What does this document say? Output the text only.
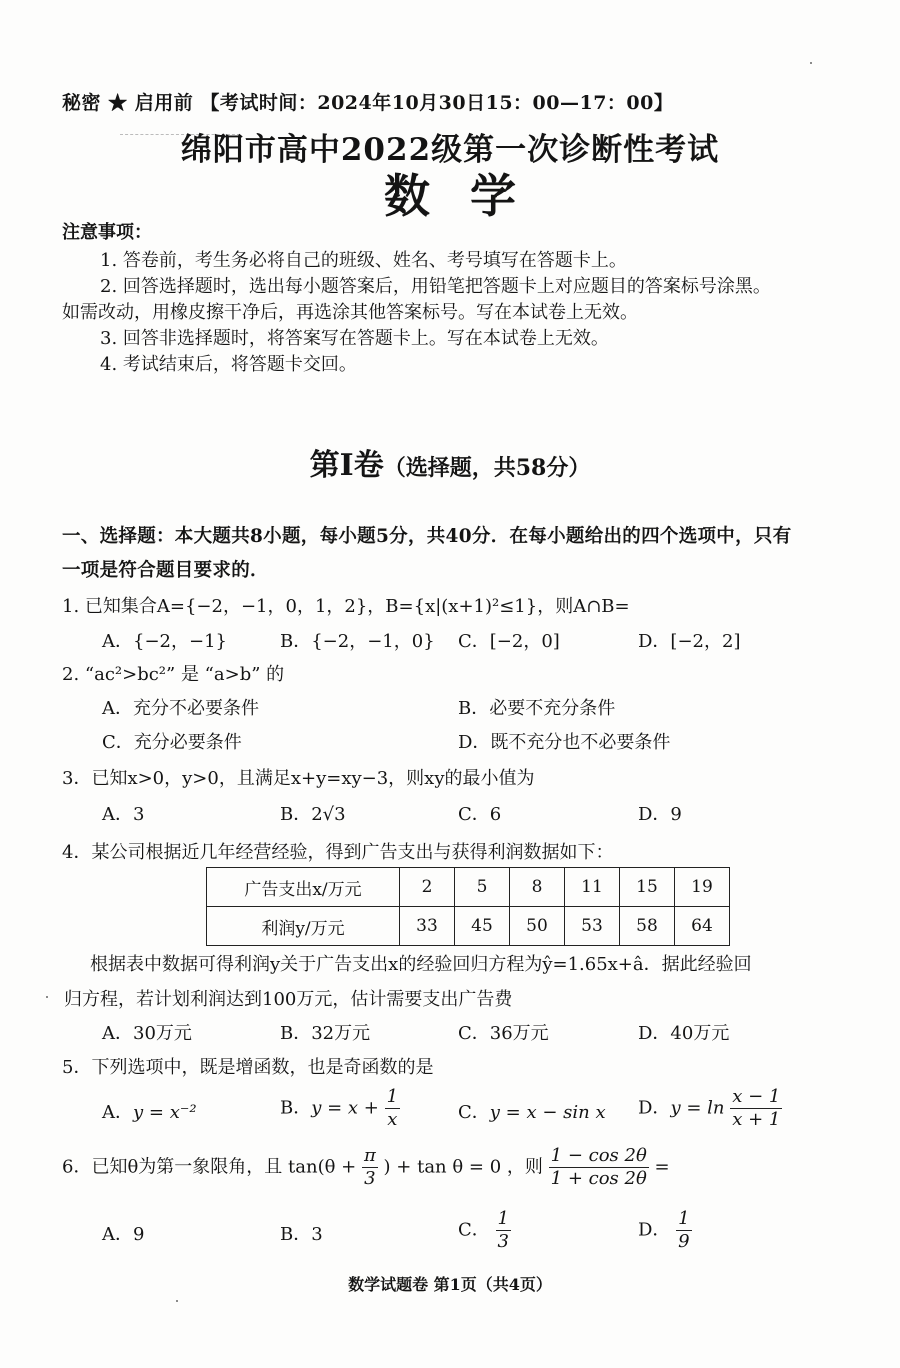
秘密 ★ 启用前 【考试时间：2024年10月30日15：00—17：00】
绵阳市高中2022级第一次诊断性考试
数学
注意事项：
1. 答卷前，考生务必将自己的班级、姓名、考号填写在答题卡上。
2. 回答选择题时，选出每小题答案后，用铅笔把答题卡上对应题目的答案标号涂黑。
如需改动，用橡皮擦干净后，再选涂其他答案标号。写在本试卷上无效。
3. 回答非选择题时，将答案写在答题卡上。写在本试卷上无效。
4. 考试结束后，将答题卡交回。
第Ⅰ卷（选择题，共58分）
一、选择题：本大题共8小题，每小题5分，共40分．在每小题给出的四个选项中，只有
一项是符合题目要求的．
1. 已知集合A={−2，−1，0，1，2}，B={x|(x+1)²≤1}，则A∩B=
A．{−2，−1}	B．{−2，−1，0} C．[−2，0]	D．[−2，2]
2. “ac²>bc²” 是 “a>b” 的
A．充分不必要条件	B．必要不充分条件
C．充分必要条件	D．既不充分也不必要条件
3．已知x>0，y>0，且满足x+y=xy−3，则xy的最小值为
A．3	B．2√3	C．6	D．9
4．某公司根据近几年经营经验，得到广告支出与获得利润数据如下：
广告支出x/万元	2	5	8	11	15	19
利润y/万元	33	45	50	53	58	64
根据表中数据可得利润y关于广告支出x的经验回归方程为ŷ=1.65x+â．据此经验回
归方程，若计划利润达到100万元，估计需要支出广告费
A．30万元	B．32万元	C．36万元	D．40万元
5．下列选项中，既是增函数，也是奇函数的是
A．y = x⁻²	B．$y = x + \frac{1}{x}$	C．y = x − sin x D．$y = \ln \frac{x - 1}{x + 1}$
6．已知θ为第一象限角，且 $\tan(\theta + \frac{\pi}{3}$ ) + tan θ = 0 ，则 $\frac{1 - \cos 2\theta}{1 + \cos 2\theta}$ =
A．9	B．3	C． $\frac{1}{3}$	D． $\frac{1}{9}$
数学试题卷 第1页（共4页）
